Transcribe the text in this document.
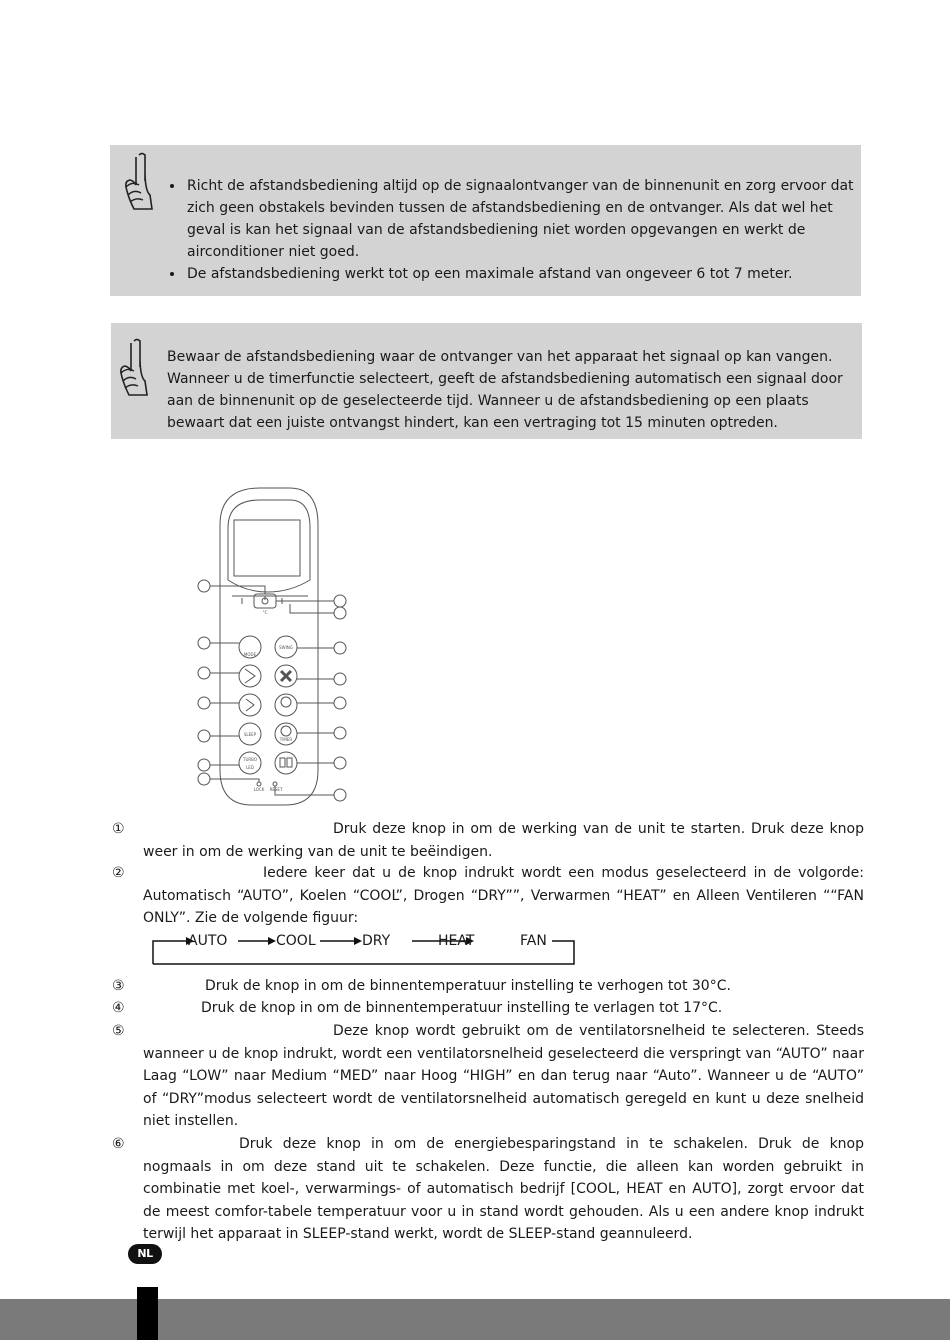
• Richt de afstandsbediening altijd op de signaalontvanger van de binnenunit en zorg ervoor dat zich geen obstakels bevinden tussen de afstandsbediening en de ontvanger. Als dat wel het geval is kan het signaal van de afstandsbediening niet worden opgevangen en werkt de airconditioner niet goed.
• De afstandsbediening werkt tot op een maximale afstand van ongeveer 6 tot 7 meter.

Bewaar de afstandsbediening waar de ontvanger van het apparaat het signaal op kan vangen. Wanneer u de timerfunctie selecteert, geeft de afstandsbediening automatisch een signaal door aan de binnenunit op de geselecteerde tijd. Wanneer u de afstandsbediening op een plaats bewaart dat een juiste ontvangst hindert, kan een vertraging tot 15 minuten optreden.

°C
MODE
SWING
SLEEP
TURBO
LED
TIMER
LOCK RESET
①	Druk deze knop in om de werking van de unit te starten. Druk deze knop weer in om de werking van de unit te beëindigen.
②	Iedere keer dat u de knop indrukt wordt een modus geselecteerd in de volgorde: Automatisch “AUTO”, Koelen “COOL”, Drogen “DRY””, Verwarmen “HEAT” en Alleen Ventileren ““FAN ONLY”. Zie de volgende figuur:
AUTO	COOL	DRY	HEAT	FAN
③	Druk de knop in om de binnentemperatuur instelling te verhogen tot 30°C.
④	Druk de knop in om de binnentemperatuur instelling te verlagen tot 17°C.
⑤	Deze knop wordt gebruikt om de ventilatorsnelheid te selecteren. Steeds wanneer u de knop indrukt, wordt een ventilatorsnelheid geselecteerd die verspringt van “AUTO” naar Laag “LOW” naar Medium “MED” naar Hoog “HIGH” en dan terug naar “Auto”. Wanneer u de “AUTO” of “DRY”modus selecteert wordt de ventilatorsnelheid automatisch geregeld en kunt u deze snelheid niet instellen.
⑥	Druk deze knop in om de energiebesparingstand in te schakelen. Druk de knop nogmaals in om deze stand uit te schakelen. Deze functie, die alleen kan worden gebruikt in combinatie met koel-, verwarmings- of automatisch bedrijf [COOL, HEAT en AUTO], zorgt ervoor dat de meest comfor-tabele temperatuur voor u in stand wordt gehouden. Als u een andere knop indrukt terwijl het apparaat in SLEEP-stand werkt, wordt de SLEEP-stand geannuleerd.
NL
